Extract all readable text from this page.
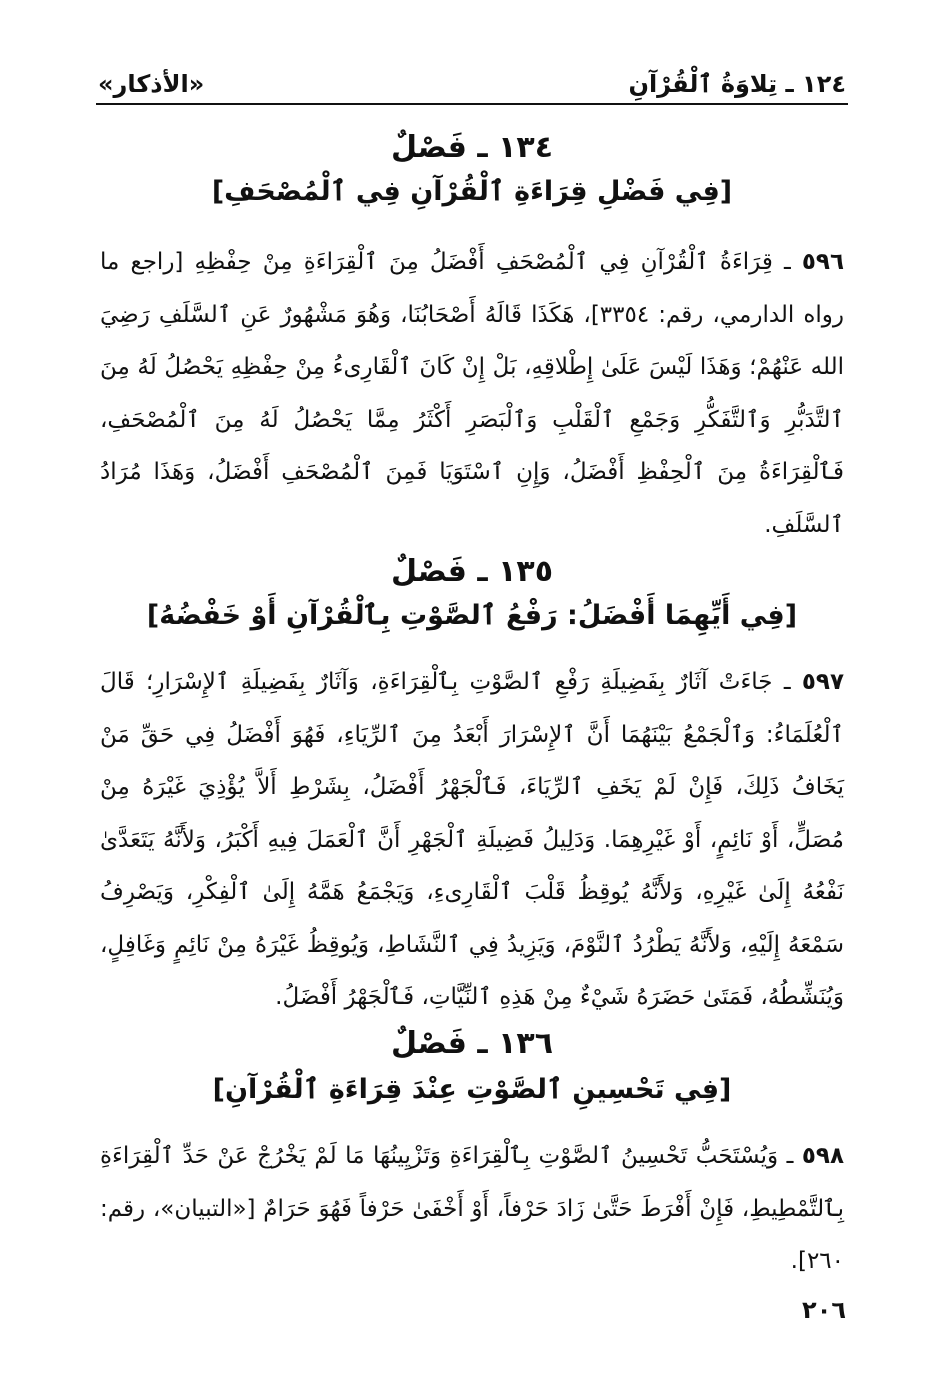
١٢٤ ـ تِلاوَةُ ٱلْقُرْآنِ
«الأذكار»
١٣٤ ـ فَصْلٌ
[فِي فَضْلِ قِرَاءَةِ ٱلْقُرْآنِ فِي ٱلْمُصْحَفِ]
٥٩٦ ـ قِرَاءَةُ ٱلْقُرْآنِ فِي ٱلْمُصْحَفِ أَفْضَلُ مِنَ ٱلْقِرَاءَةِ مِنْ حِفْظِهِ [راجع ما رواه الدارمي، رقم: ٣٣٥٤]، هَكَذَا قَالَهُ أَصْحَابُنَا، وَهُوَ مَشْهُورٌ عَنِ ٱلسَّلَفِ رَضِيَ الله عَنْهُمْ؛ وَهَذَا لَيْسَ عَلَىٰ إِطْلاقِهِ، بَلْ إِنْ كَانَ ٱلْقَارِىءُ مِنْ حِفْظِهِ يَحْصُلُ لَهُ مِنَ ٱلتَّدَبُّرِ وَٱلتَّفَكُّرِ وَجَمْعِ ٱلْقَلْبِ وَٱلْبَصَرِ أَكْثَرُ مِمَّا يَحْصُلُ لَهُ مِنَ ٱلْمُصْحَفِ، فَٱلْقِرَاءَةُ مِنَ ٱلْحِفْظِ أَفْضَلُ، وَإِنِ ٱسْتَوَيَا فَمِنَ ٱلْمُصْحَفِ أَفْضَلُ، وَهَذَا مُرَادُ ٱلسَّلَفِ.
١٣٥ ـ فَصْلٌ
[فِي أَيِّهِمَا أَفْضَلُ: رَفْعُ ٱلصَّوْتِ بِٱلْقُرْآنِ أَوْ خَفْضُهُ]
٥٩٧ ـ جَاءَتْ آثَارٌ بِفَضِيلَةِ رَفْعِ ٱلصَّوْتِ بِٱلْقِرَاءَةِ، وَآثَارٌ بِفَضِيلَةِ ٱلإِسْرَارِ؛ قَالَ ٱلْعُلَمَاءُ: وَٱلْجَمْعُ بَيْنَهُمَا أَنَّ ٱلإِسْرَارَ أَبْعَدُ مِنَ ٱلرِّيَاءِ، فَهُوَ أَفْضَلُ فِي حَقِّ مَنْ يَخَافُ ذَلِكَ، فَإِنْ لَمْ يَخَفِ ٱلرِّيَاءَ، فَٱلْجَهْرُ أَفْضَلُ، بِشَرْطِ أَلاَّ يُؤْذِيَ غَيْرَهُ مِنْ مُصَلٍّ، أَوْ نَائِمٍ، أَوْ غَيْرِهِمَا. وَدَلِيلُ فَضِيلَةِ ٱلْجَهْرِ أَنَّ ٱلْعَمَلَ فِيهِ أَكْبَرُ، وَلأَنَّهُ يَتَعَدَّىٰ نَفْعُهُ إِلَىٰ غَيْرِهِ، وَلأَنَّهُ يُوقِظُ قَلْبَ ٱلْقَارِىءِ، وَيَجْمَعُ هَمَّهُ إِلَىٰ ٱلْفِكْرِ، وَيَصْرِفُ سَمْعَهُ إِلَيْهِ، وَلأَنَّهُ يَطْرُدُ ٱلنَّوْمَ، وَيَزِيدُ فِي ٱلنَّشَاطِ، وَيُوقِظُ غَيْرَهُ مِنْ نَائِمٍ وَغَافِلٍ، وَيُنَشِّطُهُ، فَمَتَىٰ حَضَرَهُ شَيْءٌ مِنْ هَذِهِ ٱلنِّيَّاتِ، فَٱلْجَهْرُ أَفْضَلُ.
١٣٦ ـ فَصْلٌ
[فِي تَحْسِينِ ٱلصَّوْتِ عِنْدَ قِرَاءَةِ ٱلْقُرْآنِ]
٥٩٨ ـ وَيُسْتَحَبُّ تَحْسِينُ ٱلصَّوْتِ بِٱلْقِرَاءَةِ وَتَزْيِينُهَا مَا لَمْ يَخْرُجْ عَنْ حَدِّ ٱلْقِرَاءَةِ بِٱلتَّمْطِيطِ، فَإِنْ أَفْرَطَ حَتَّىٰ زَادَ حَرْفاً، أَوْ أَخْفَىٰ حَرْفاً فَهُوَ حَرَامٌ [«التبيان»، رقم: ٢٦٠].
٢٠٦
